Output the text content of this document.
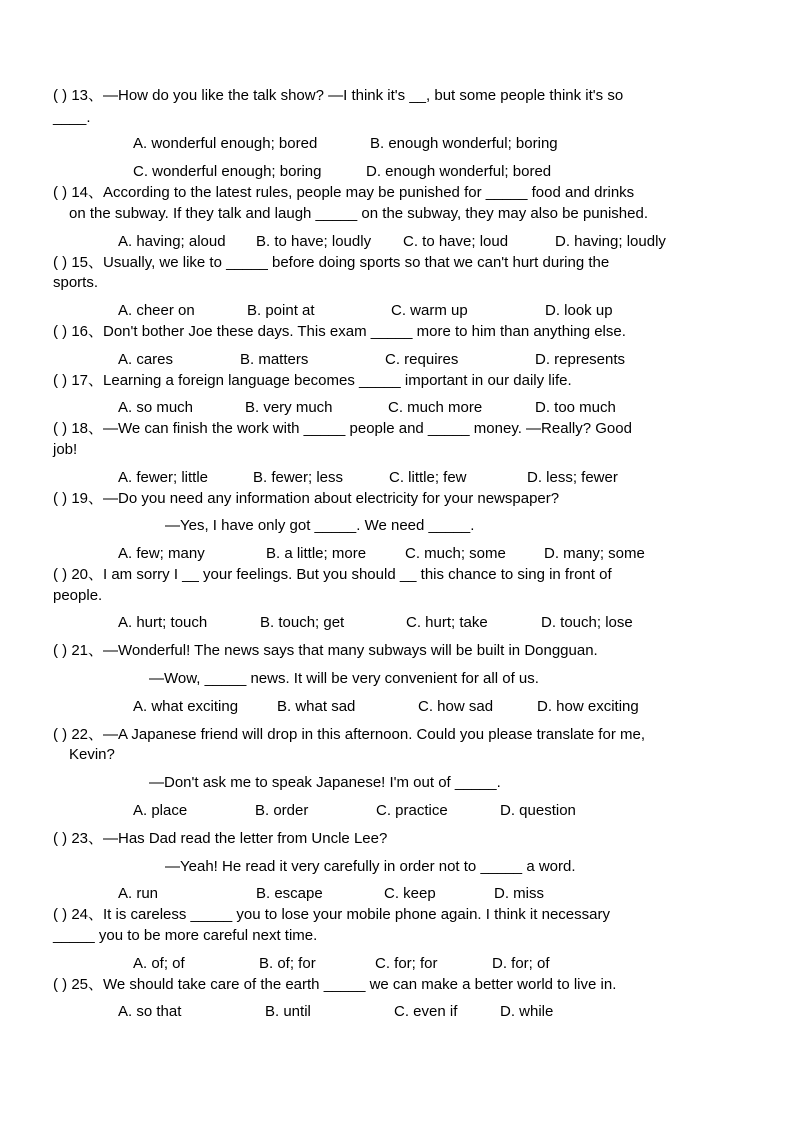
( ) 13、—How do you like the talk show? —I think it's __, but some people think it's so
____.
A. wonderful enough; bored	B. enough wonderful; boring
C. wonderful enough; boring	D. enough wonderful; bored
( ) 14、According to the latest rules, people may be punished for _____ food and drinks
on the subway. If they talk and laugh _____ on the subway, they may also be punished.
A. having; aloud B. to have; loudly C. to have; loud	D. having; loudly
( ) 15、Usually, we like to _____ before doing sports so that we can't hurt during the
sports.
A. cheer on	B. point at	C. warm up	D. look up
( ) 16、Don't bother Joe these days. This exam _____ more to him than anything else.
A. cares	B. matters	C. requires	D. represents
( ) 17、Learning a foreign language becomes _____ important in our daily life.
A. so much	B. very much	C. much more	D. too much
( ) 18、—We can finish the work with _____ people and _____ money. —Really? Good
job!
A. fewer; little	B. fewer; less	C. little; few	D. less; fewer
( ) 19、—Do you need any information about electricity for your newspaper?
—Yes, I have only got _____. We need _____.
A. few; many	B. a little; more	C. much; some	D. many; some
( ) 20、I am sorry I __ your feelings. But you should __ this chance to sing in front of
people.
A. hurt; touch	B. touch; get	C. hurt; take	D. touch; lose
( ) 21、—Wonderful! The news says that many subways will be built in Dongguan.
—Wow, _____ news. It will be very convenient for all of us.
A. what exciting	B. what sad	C. how sad	D. how exciting
( ) 22、—A Japanese friend will drop in this afternoon. Could you please translate for me,
Kevin?
—Don't ask me to speak Japanese! I'm out of _____.
A. place	B. order	C. practice	D. question
( ) 23、—Has Dad read the letter from Uncle Lee?
—Yeah! He read it very carefully in order not to _____ a word.
A. run	B. escape	C. keep	D. miss
( ) 24、It is careless _____ you to lose your mobile phone again. I think it necessary
_____ you to be more careful next time.
A. of; of	B. of; for	C. for; for	D. for; of
( ) 25、We should take care of the earth _____ we can make a better world to live in.
A. so that	B. until	C. even if	D. while
